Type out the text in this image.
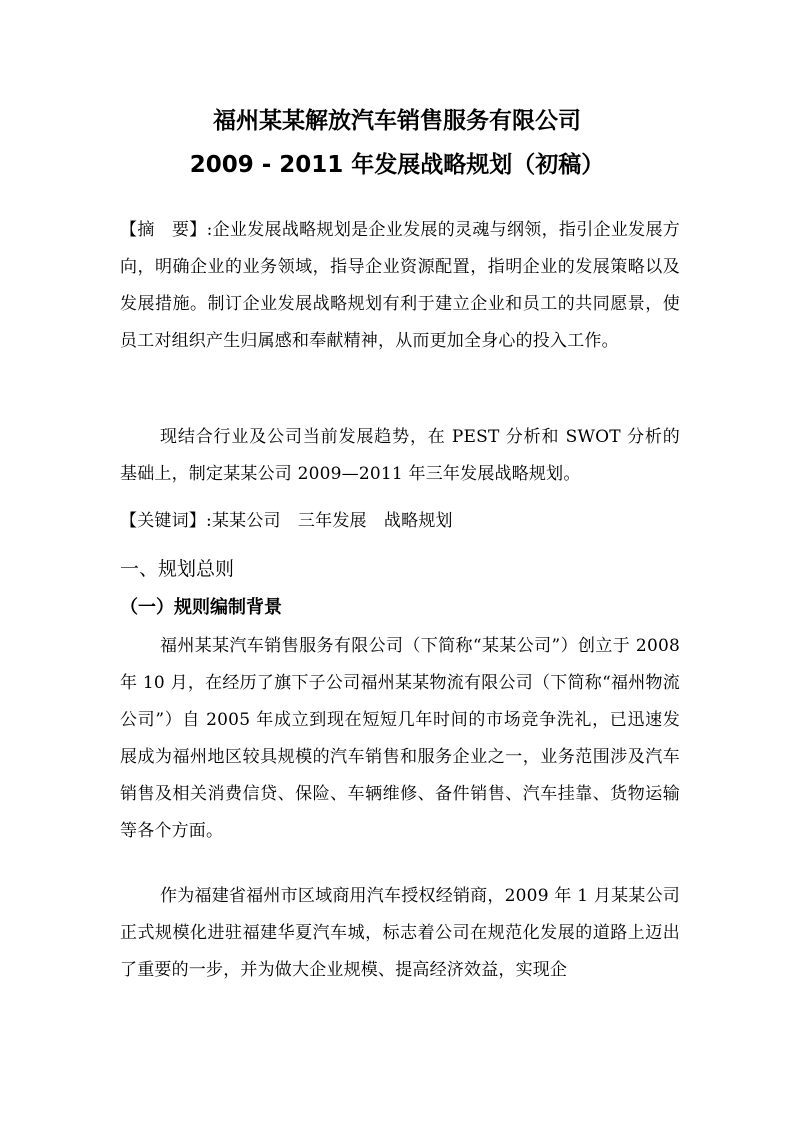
福州某某解放汽车销售服务有限公司
2009 - 2011 年发展战略规划（初稿）
【摘　要】:企业发展战略规划是企业发展的灵魂与纲领，指引企业发展方向，明确企业的业务领域，指导企业资源配置，指明企业的发展策略以及发展措施。制订企业发展战略规划有利于建立企业和员工的共同愿景，使员工对组织产生归属感和奉献精神，从而更加全身心的投入工作。
现结合行业及公司当前发展趋势，在 PEST 分析和 SWOT 分析的基础上，制定某某公司 2009—2011 年三年发展战略规划。
【关键词】:某某公司　三年发展　战略规划
一、规划总则
（一）规则编制背景
福州某某汽车销售服务有限公司（下简称“某某公司”）创立于 2008 年 10 月，在经历了旗下子公司福州某某物流有限公司（下简称“福州物流公司”）自 2005 年成立到现在短短几年时间的市场竞争洗礼，已迅速发展成为福州地区较具规模的汽车销售和服务企业之一，业务范围涉及汽车销售及相关消费信贷、保险、车辆维修、备件销售、汽车挂靠、货物运输等各个方面。
作为福建省福州市区域商用汽车授权经销商，2009 年 1 月某某公司正式规模化进驻福建华夏汽车城，标志着公司在规范化发展的道路上迈出了重要的一步，并为做大企业规模、提高经济效益，实现企
